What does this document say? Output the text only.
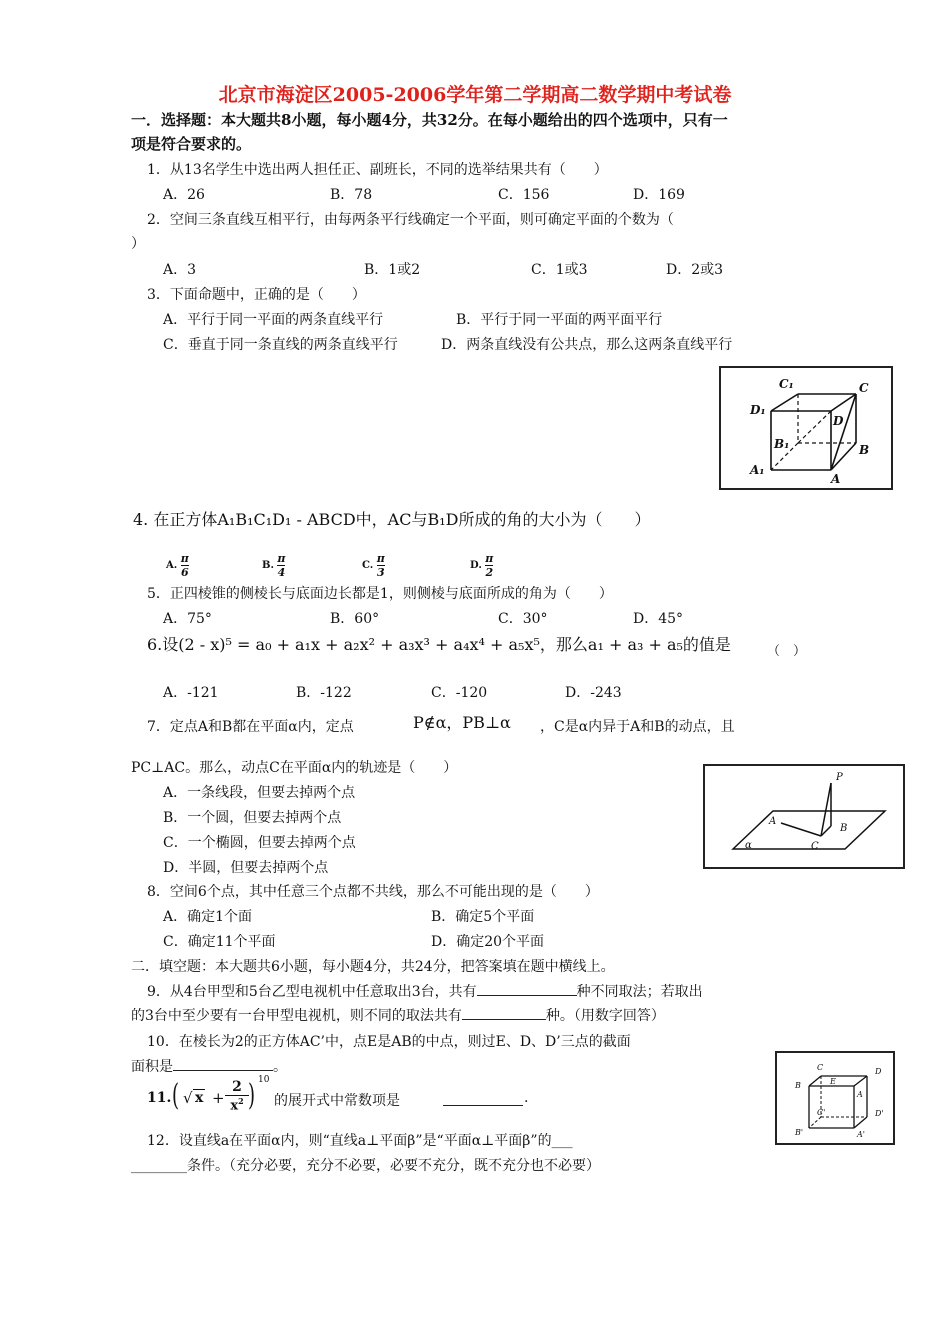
北京市海淀区2005-2006学年第二学期高二数学期中考试卷
一．选择题：本大题共8小题，每小题4分，共32分。在每小题给出的四个选项中，只有一
项是符合要求的。
1．从13名学生中选出两人担任正、副班长，不同的选举结果共有（　　）
A．26	B．78	C．156	D．169
2．空间三条直线互相平行，由每两条平行线确定一个平面，则可确定平面的个数为（
）
A．3	B．1或2	C．1或3	D．2或3
3．下面命题中，正确的是（　　）
A．平行于同一平面的两条直线平行	B．平行于同一平面的两平面平行
C．垂直于同一条直线的两条直线平行	D．两条直线没有公共点，那么这两条直线平行
C₁	C
D₁
D
B₁	B
A₁
A
4. 在正方体A₁B₁C₁D₁ - ABCD中，AC与B₁D所成的角的大小为（　　）
A. $\frac{\pi}{6}$	B. $\frac{\pi}{4}$	C. $\frac{\pi}{3}$	D. $\frac{\pi}{2}$
5．正四棱锥的侧棱长与底面边长都是1，则侧棱与底面所成的角为（　　）
A．75°	B．60°	C．30°	D．45°
6.设(2 - x)⁵ = a₀ + a₁x + a₂x² + a₃x³ + a₄x⁴ + a₅x⁵，那么a₁ + a₃ + a₅的值是	（　）
A．-121	B．-122	C．-120	D．-243
7．定点A和B都在平面α内，定点	P∉α，PB⊥α ，C是α内异于A和B的动点，且
PC⊥AC。那么，动点C在平面α内的轨迹是（　　）
A．一条线段，但要去掉两个点
B．一个圆，但要去掉两个点
C．一个椭圆，但要去掉两个点
D．半圆，但要去掉两个点
P
A
B
C
α
8．空间6个点，其中任意三个点都不共线，那么不可能出现的是（　　）
A．确定1个面	B．确定5个平面
C．确定11个平面	D．确定20个平面
二．填空题：本大题共6小题，每小题4分，共24分，把答案填在题中横线上。
9．从4台甲型和5台乙型电视机中任意取出3台，共有	种不同取法；若取出
的3台中至少要有一台甲型电视机，则不同的取法共有	种。（用数字回答）
10．在棱长为2的正方体AC’中，点E是AB的中点，则过E、D、D’三点的截面
面积是	。	C	D
B	E
A
C'	D'
B'	A'
11. ( √ $x + \frac{2}{x^2}$ ) 10
的展开式中常数项是	.
12．设直线a在平面α内，则“直线a⊥平面β”是“平面α⊥平面β”的___
________条件。（充分必要，充分不必要，必要不充分，既不充分也不必要）
